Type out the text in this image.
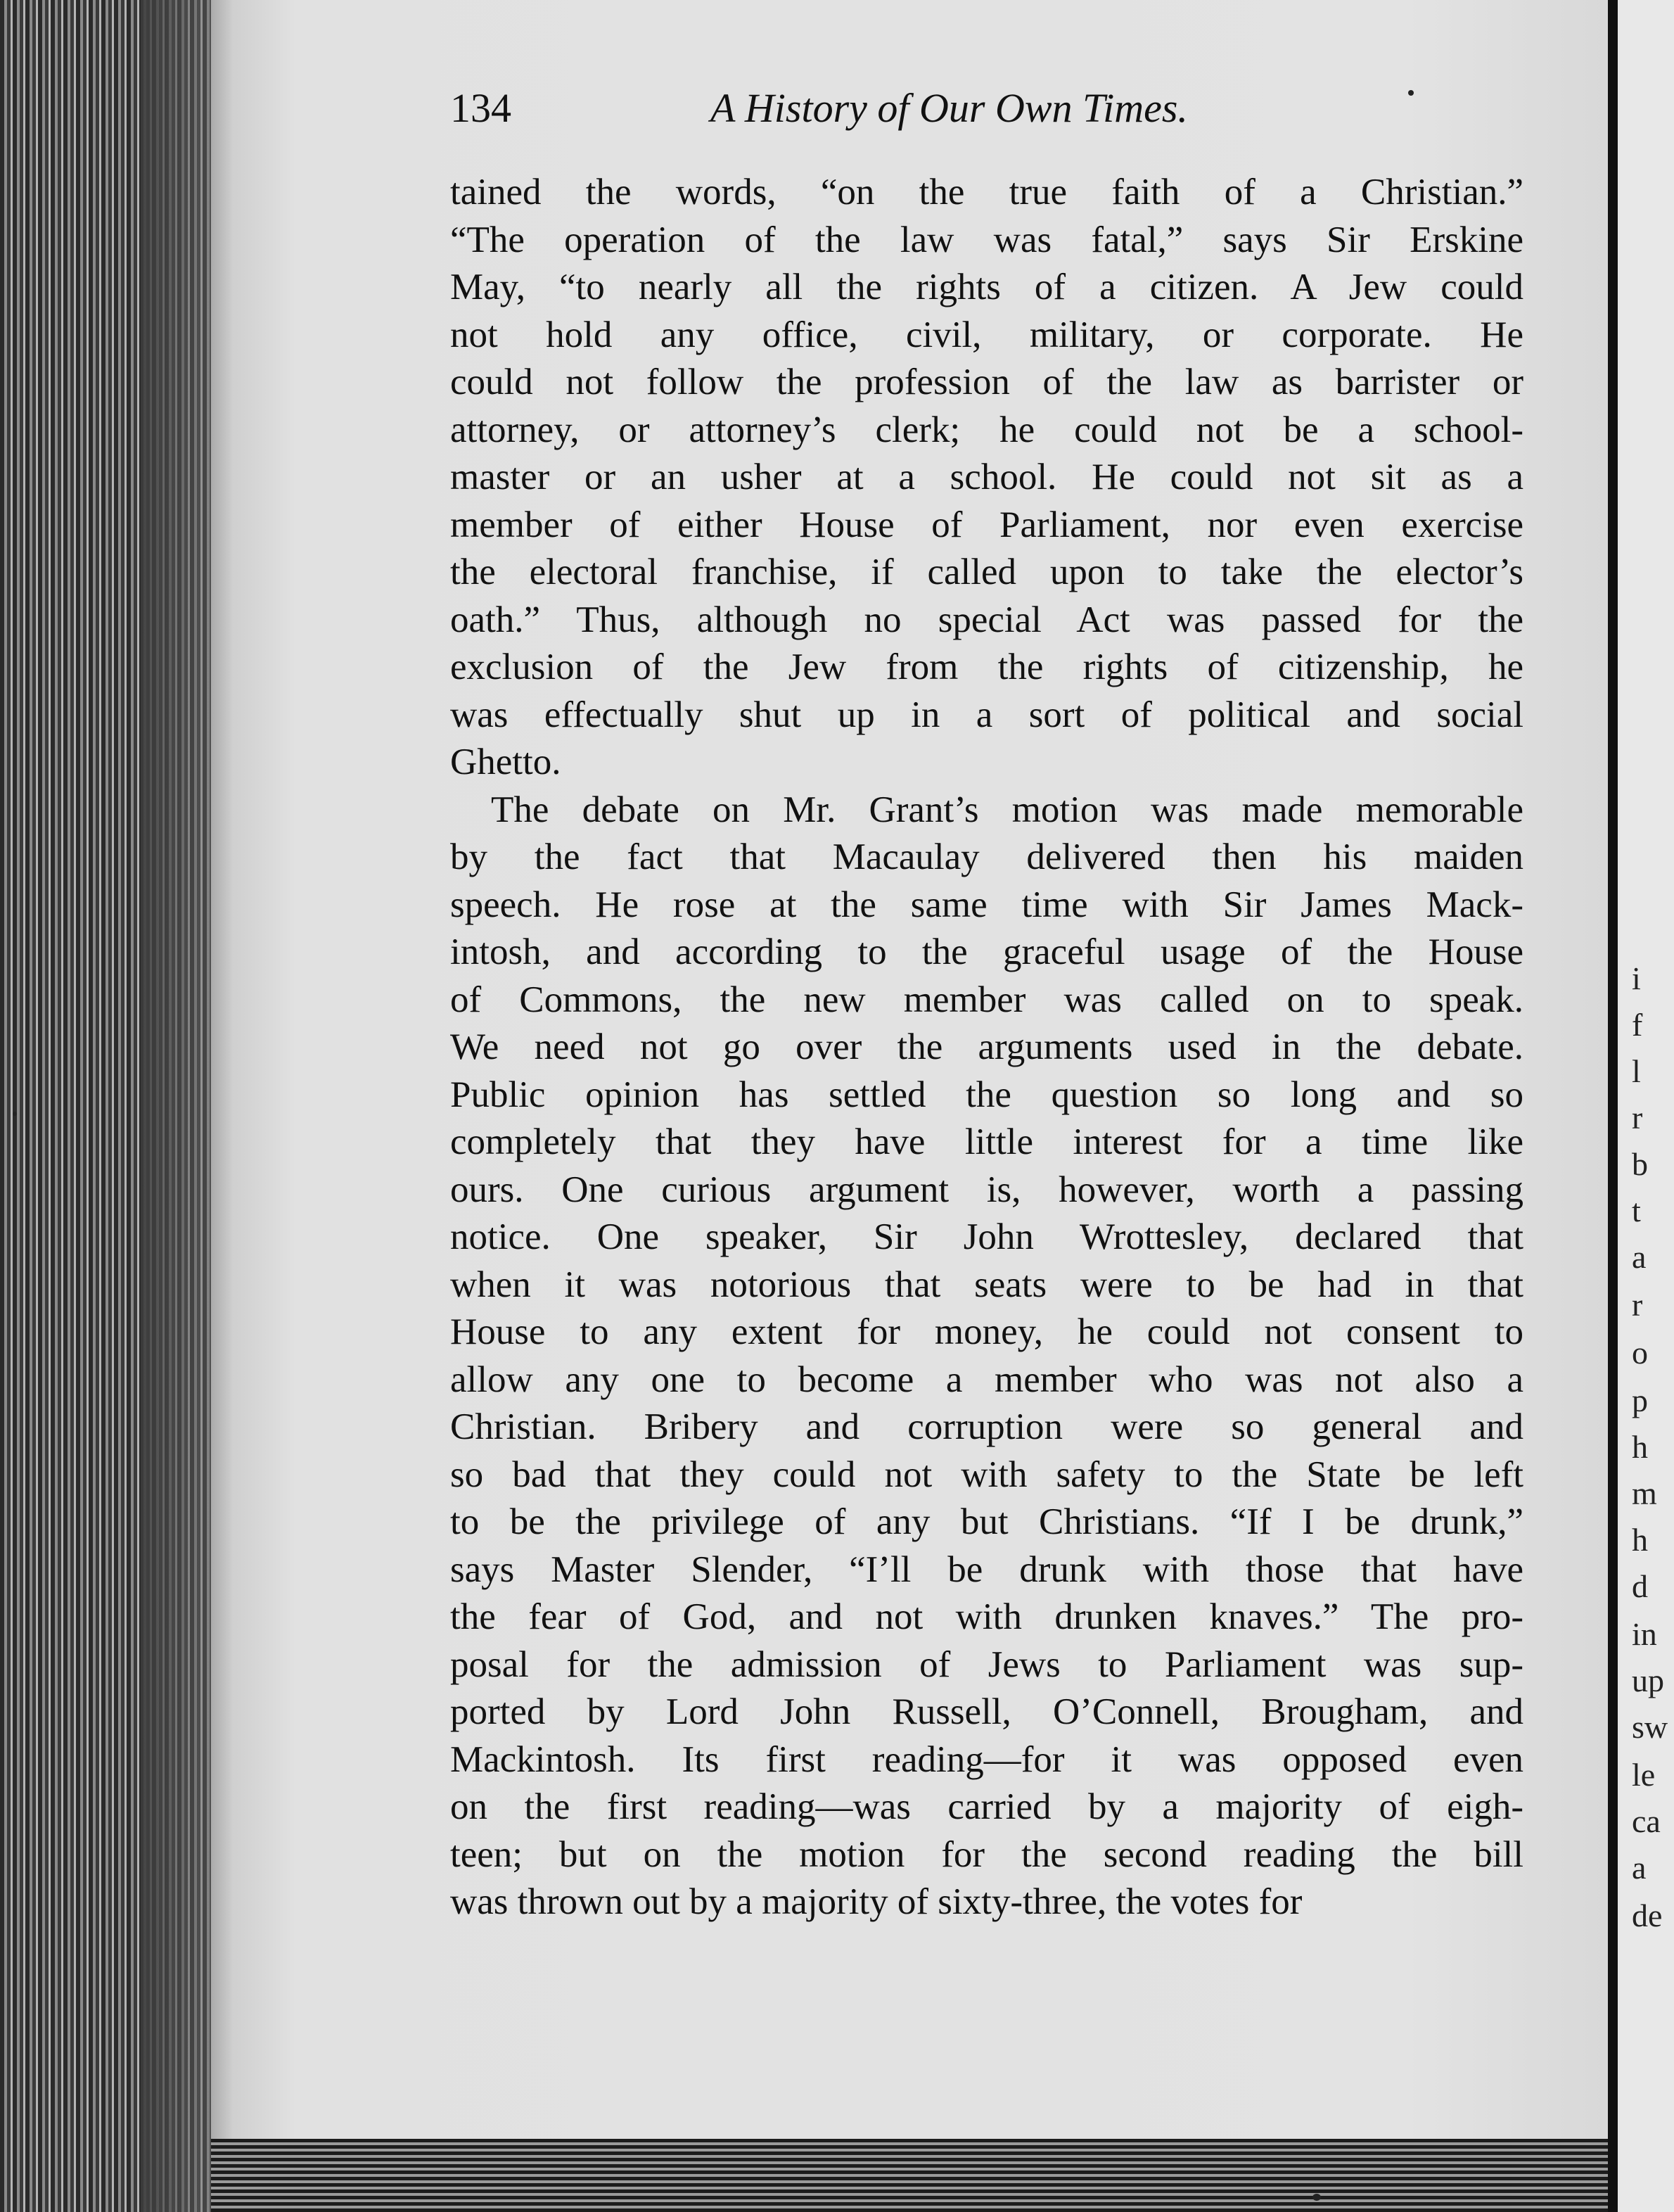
i
f
l
r
b
t
a
r
o
p
h
m
h
d
in
up
sw
le
ca
a
de
134	A History of Our Own Times.
tained the words, “on the true faith of a Christian.”
“The operation of the law was fatal,” says Sir Erskine
May, “to nearly all the rights of a citizen. A Jew could
not hold any office, civil, military, or corporate. He
could not follow the profession of the law as barrister or
attorney, or attorney’s clerk; he could not be a school-
master or an usher at a school. He could not sit as a
member of either House of Parliament, nor even exercise
the electoral franchise, if called upon to take the elector’s
oath.” Thus, although no special Act was passed for the
exclusion of the Jew from the rights of citizenship, he
was effectually shut up in a sort of political and social
Ghetto.
The debate on Mr. Grant’s motion was made memorable
by the fact that Macaulay delivered then his maiden
speech. He rose at the same time with Sir James Mack-
intosh, and according to the graceful usage of the House
of Commons, the new member was called on to speak.
We need not go over the arguments used in the debate.
Public opinion has settled the question so long and so
completely that they have little interest for a time like
ours. One curious argument is, however, worth a passing
notice. One speaker, Sir John Wrottesley, declared that
when it was notorious that seats were to be had in that
House to any extent for money, he could not consent to
allow any one to become a member who was not also a
Christian. Bribery and corruption were so general and
so bad that they could not with safety to the State be left
to be the privilege of any but Christians. “If I be drunk,”
says Master Slender, “I’ll be drunk with those that have
the fear of God, and not with drunken knaves.” The pro-
posal for the admission of Jews to Parliament was sup-
ported by Lord John Russell, O’Connell, Brougham, and
Mackintosh. Its first reading—for it was opposed even
on the first reading—was carried by a majority of eigh-
teen; but on the motion for the second reading the bill
was thrown out by a majority of sixty-three, the votes for
